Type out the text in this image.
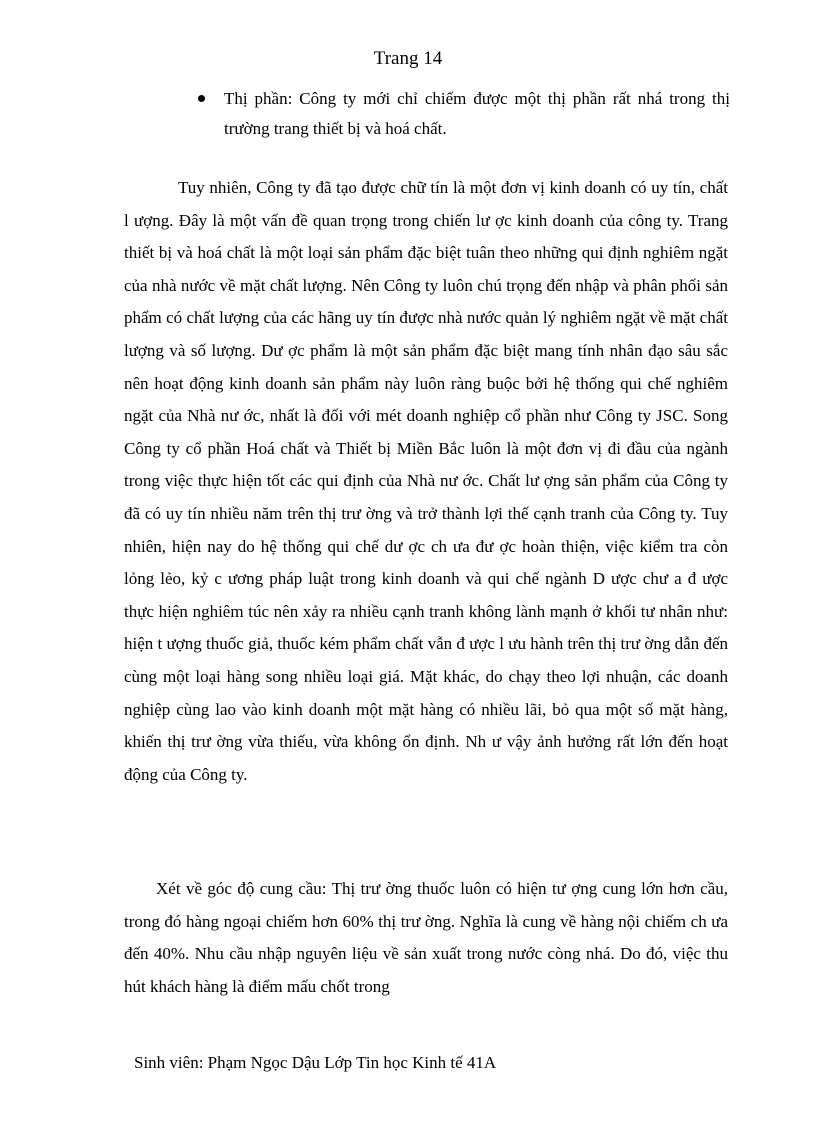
Trang 14
Thị phần: Công ty mới chỉ chiếm được một thị phần rất nhá trong thị trường trang thiết bị và hoá chất.

Tuy nhiên, Công ty đã tạo được chữ tín là một đơn vị kinh doanh có uy tín, chất l ượng. Đây là một vấn đề quan trọng trong chiến lư ợc kinh doanh của công ty. Trang thiết bị và hoá chất là một loại sản phẩm đặc biệt tuân theo những qui định nghiêm ngặt của nhà nước về mặt chất lượng. Nên Công ty luôn chú trọng đến nhập và phân phối sản phẩm có chất lượng của các hãng uy tín được nhà nước quản lý nghiêm ngặt về mặt chất lượng và số lượng. Dư ợc phẩm là một sản phẩm đặc biệt mang tính nhân đạo sâu sắc nên hoạt động kinh doanh sản phẩm này luôn ràng buộc bởi hệ thống qui chế nghiêm ngặt của Nhà nư ớc, nhất là đối với mét doanh nghiệp cổ phần như Công ty JSC. Song Công ty cổ phần Hoá chất và Thiết bị Miền Bắc luôn là một đơn vị đi đầu của ngành trong việc thực hiện tốt các qui định của Nhà nư ớc. Chất lư ợng sản phẩm của Công ty đã có uy tín nhiều năm trên thị trư ờng và trở thành lợi thế cạnh tranh của Công ty. Tuy nhiên, hiện nay do hệ thống qui chế dư ợc ch ưa đư ợc hoàn thiện, việc kiểm tra còn lỏng lẻo, kỷ c ương pháp luật trong kinh doanh và qui chế ngành D ược chư a đ ược thực hiện nghiêm túc nên xảy ra nhiều cạnh tranh không lành mạnh ở khối tư nhân như: hiện t ượng thuốc giả, thuốc kém phẩm chất vẫn đ ược l ưu hành trên thị trư ờng dẫn đến cùng một loại hàng song nhiều loại giá. Mặt khác, do chạy theo lợi nhuận, các doanh nghiệp cùng lao vào kinh doanh một mặt hàng có nhiều lãi, bỏ qua một số mặt hàng, khiến thị trư ờng vừa thiếu, vừa không ổn định. Nh ư vậy ảnh hưởng rất lớn đến hoạt động của Công ty.

Xét về góc độ cung cầu: Thị trư ờng thuốc luôn có hiện tư ợng cung lớn hơn cầu, trong đó hàng ngoại chiếm hơn 60% thị trư ờng. Nghĩa là cung về hàng nội chiếm ch ưa đến 40%. Nhu cầu nhập nguyên liệu về sản xuất trong nước còng nhá. Do đó, việc thu hút khách hàng là điểm mấu chốt trong

Sinh viên: Phạm Ngọc Dậu Lớp Tin học Kinh tế 41A
